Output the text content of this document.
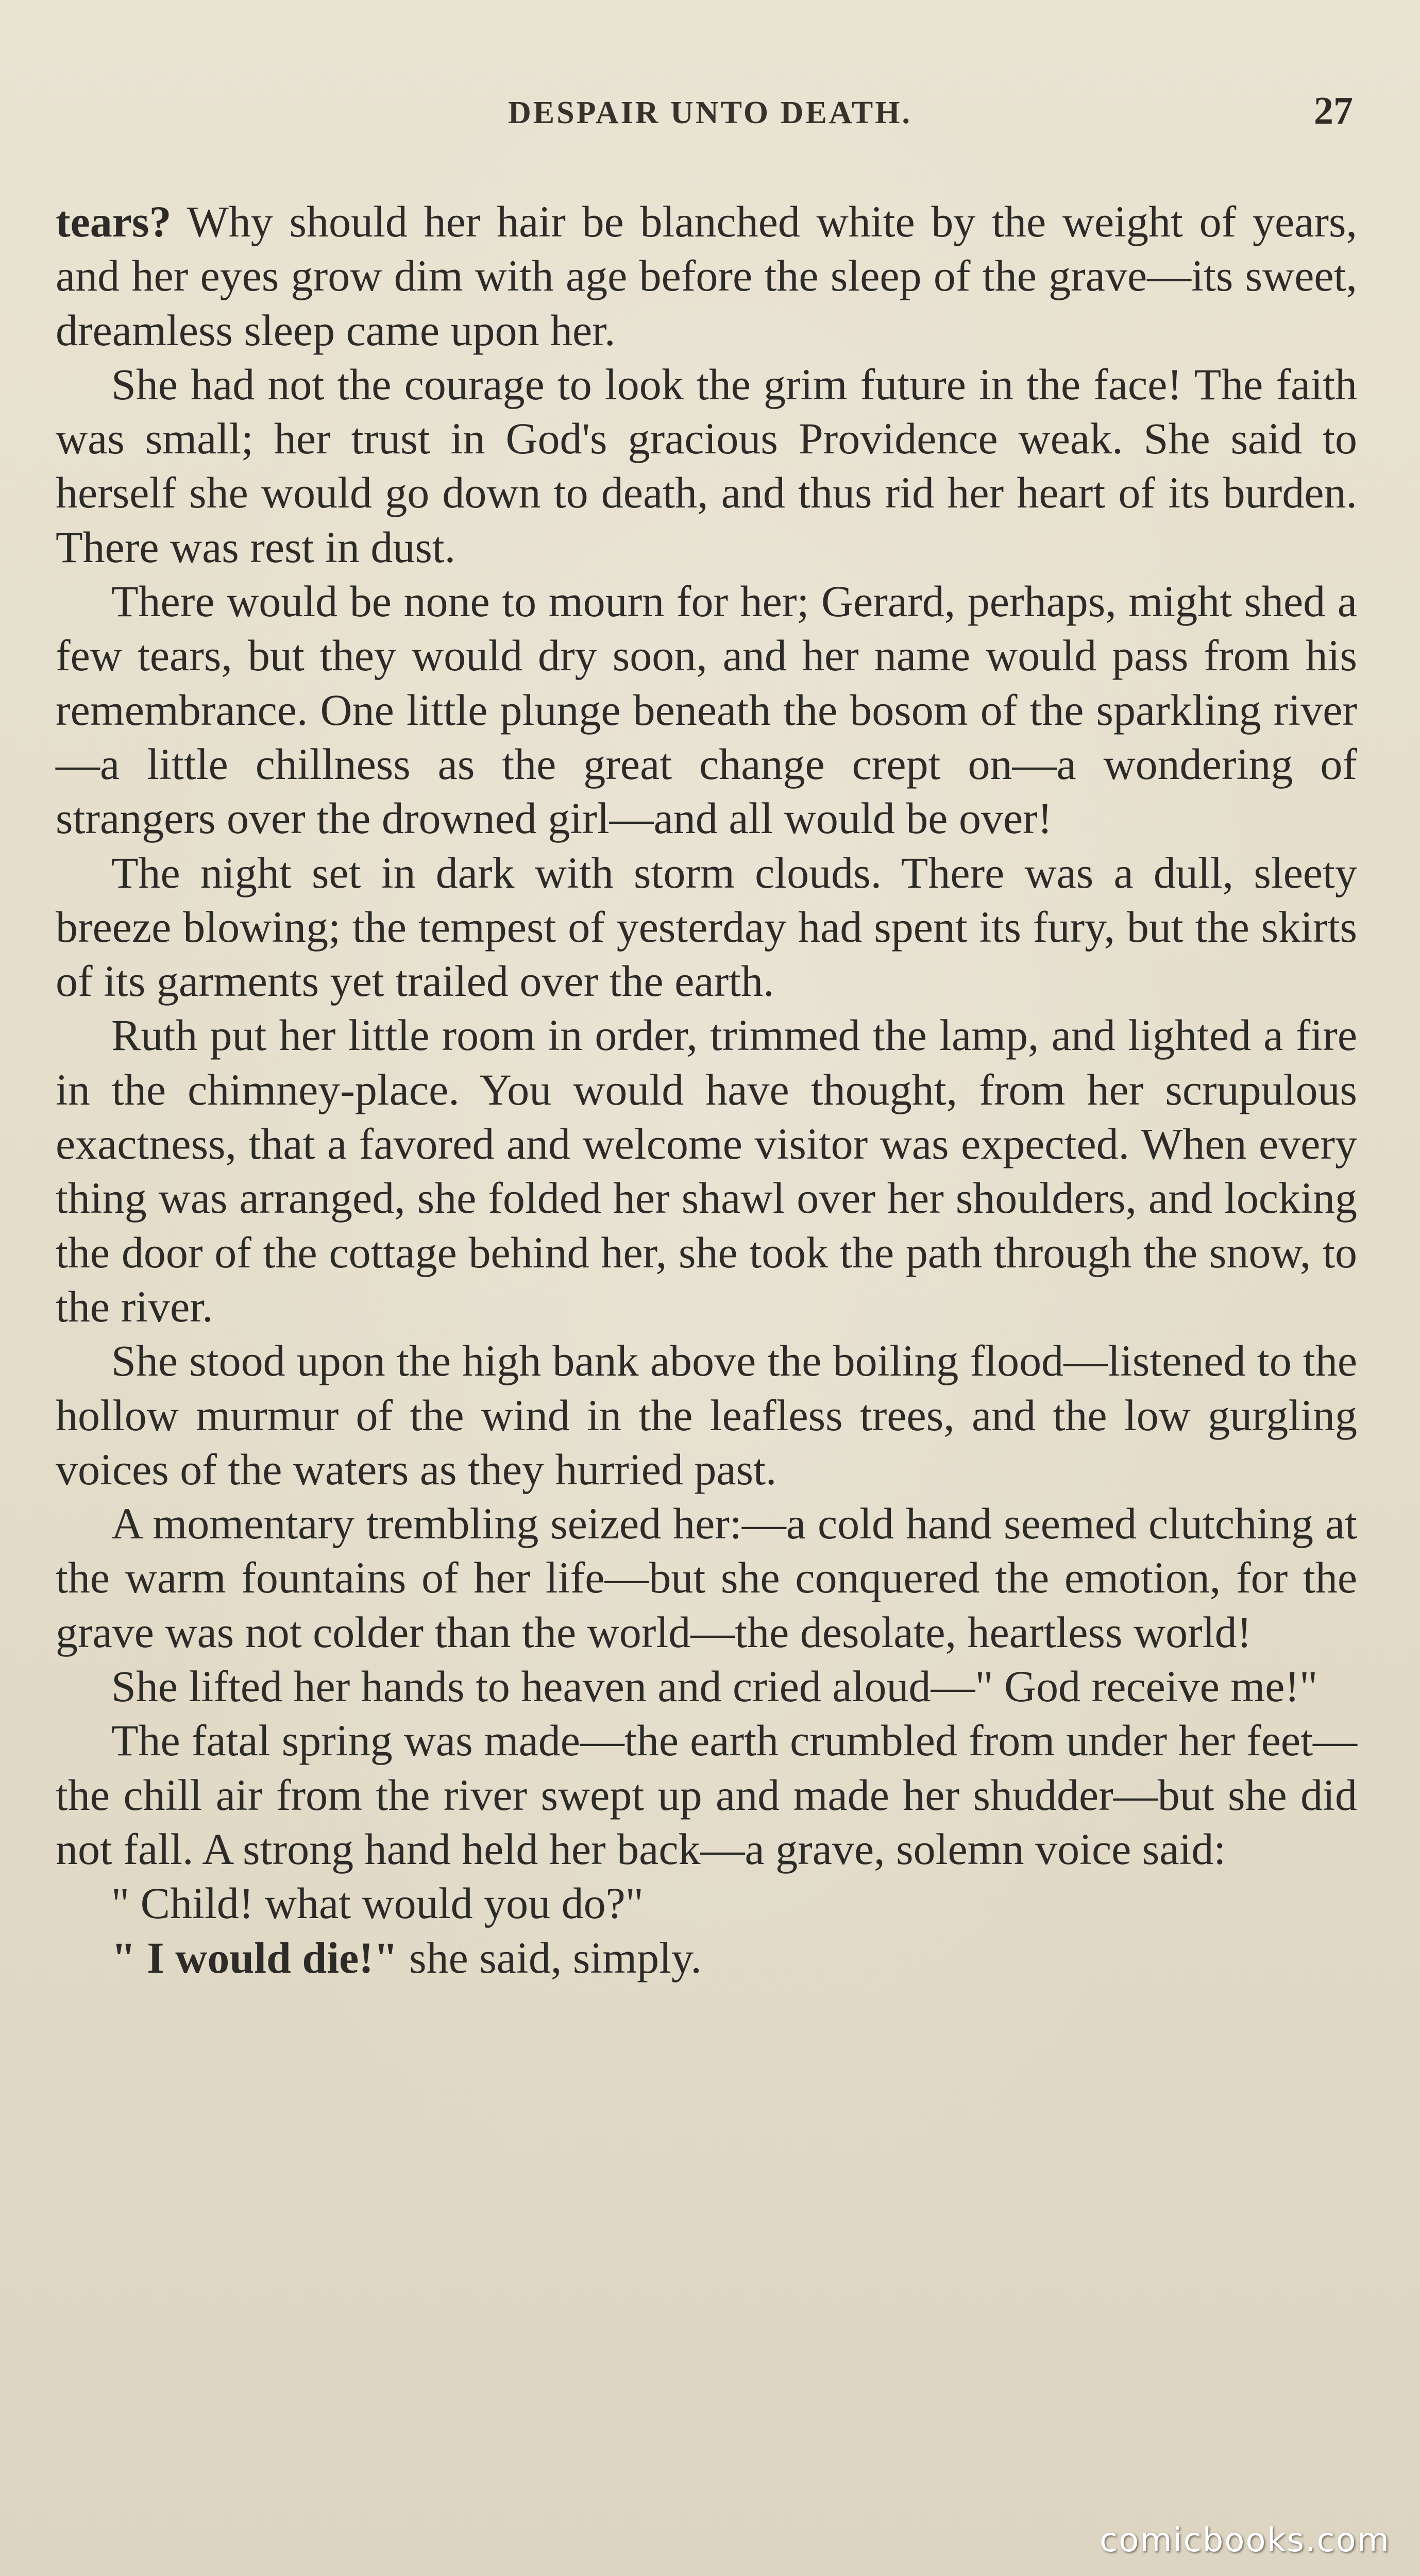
DESPAIR UNTO DEATH.	27

tears? Why should her hair be blanched white by the weight of years, and her eyes grow dim with age before the sleep of the grave—its sweet, dreamless sleep came upon her.

She had not the courage to look the grim future in the face! The faith was small; her trust in God's gracious Providence weak. She said to herself she would go down to death, and thus rid her heart of its burden. There was rest in dust.

There would be none to mourn for her; Gerard, perhaps, might shed a few tears, but they would dry soon, and her name would pass from his remembrance. One little plunge beneath the bosom of the sparkling river—a little chillness as the great change crept on—a wondering of strangers over the drowned girl—and all would be over!

The night set in dark with storm clouds. There was a dull, sleety breeze blowing; the tempest of yesterday had spent its fury, but the skirts of its garments yet trailed over the earth.

Ruth put her little room in order, trimmed the lamp, and lighted a fire in the chimney-place. You would have thought, from her scrupulous exactness, that a favored and welcome visitor was expected. When every thing was arranged, she folded her shawl over her shoulders, and locking the door of the cottage behind her, she took the path through the snow, to the river.

She stood upon the high bank above the boiling flood—listened to the hollow murmur of the wind in the leafless trees, and the low gurgling voices of the waters as they hurried past.

A momentary trembling seized her:—a cold hand seemed clutching at the warm fountains of her life—but she conquered the emotion, for the grave was not colder than the world—the desolate, heartless world!

She lifted her hands to heaven and cried aloud—" God receive me!"

The fatal spring was made—the earth crumbled from under her feet—the chill air from the river swept up and made her shudder—but she did not fall. A strong hand held her back—a grave, solemn voice said:

" Child! what would you do?"

" I would die!" she said, simply.

comicbooks.com
